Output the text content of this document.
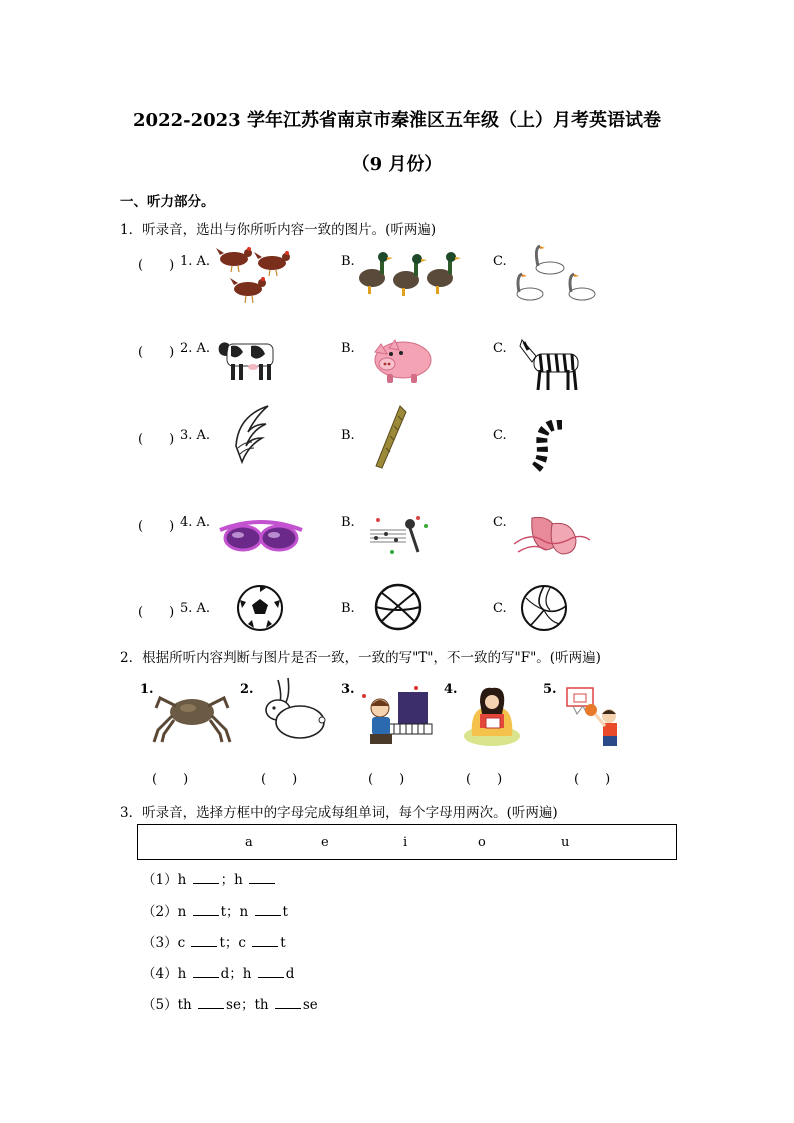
2022-2023 学年江苏省南京市秦淮区五年级（上）月考英语试卷
（9 月份）
一、听力部分。
1．听录音，选出与你所听内容一致的图片。(听两遍)
(　　) 1. A.	B.	C.
(　　) 2. A.	B.	C.
(　　) 3. A.	B.	C.
(　　) 4. A.	B.	C.
(　　) 5. A.	B.	C.
2．根据所听内容判断与图片是否一致，一致的写"T"，不一致的写"F"。(听两遍)
1.	2.	3.	4.	5.
(　　)	(　　)	(　　)	(　　)	(　　)
3．听录音，选择方框中的字母完成每组单词，每个字母用两次。(听两遍)
a	e	i	o	u
（1）h	；h
（2）n	t；n	t
（3）c	t；c	t
（4）h	d；h	d
（5）th	se；th	se
